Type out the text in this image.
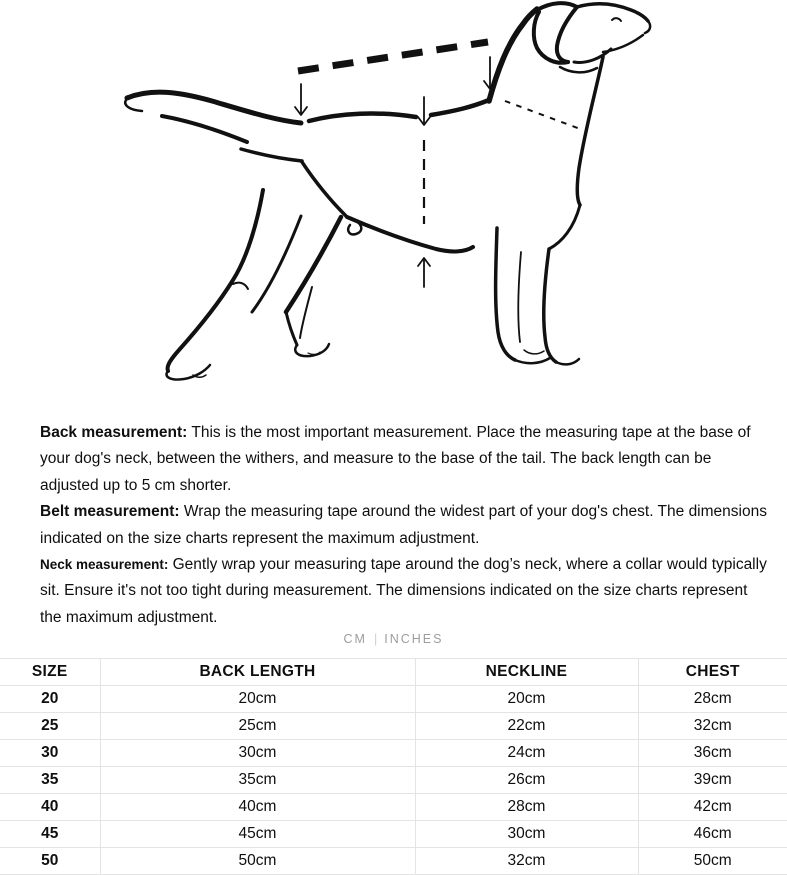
Back measurement: This is the most important measurement. Place the measuring tape at the base of your dog's neck, between the withers, and measure to the base of the tail. The back length can be adjusted up to 5 cm shorter.

Belt measurement: Wrap the measuring tape around the widest part of your dog's chest. The dimensions indicated on the size charts represent the maximum adjustment.

Neck measurement: Gently wrap your measuring tape around the dog’s neck, where a collar would typically sit. Ensure it's not too tight during measurement. The dimensions indicated on the size charts represent the maximum adjustment.

CM | INCHES
SIZE	BACK LENGTH	NECKLINE	CHEST
20	20cm	20cm	28cm
25	25cm	22cm	32cm
30	30cm	24cm	36cm
35	35cm	26cm	39cm
40	40cm	28cm	42cm
45	45cm	30cm	46cm
50	50cm	32cm	50cm
